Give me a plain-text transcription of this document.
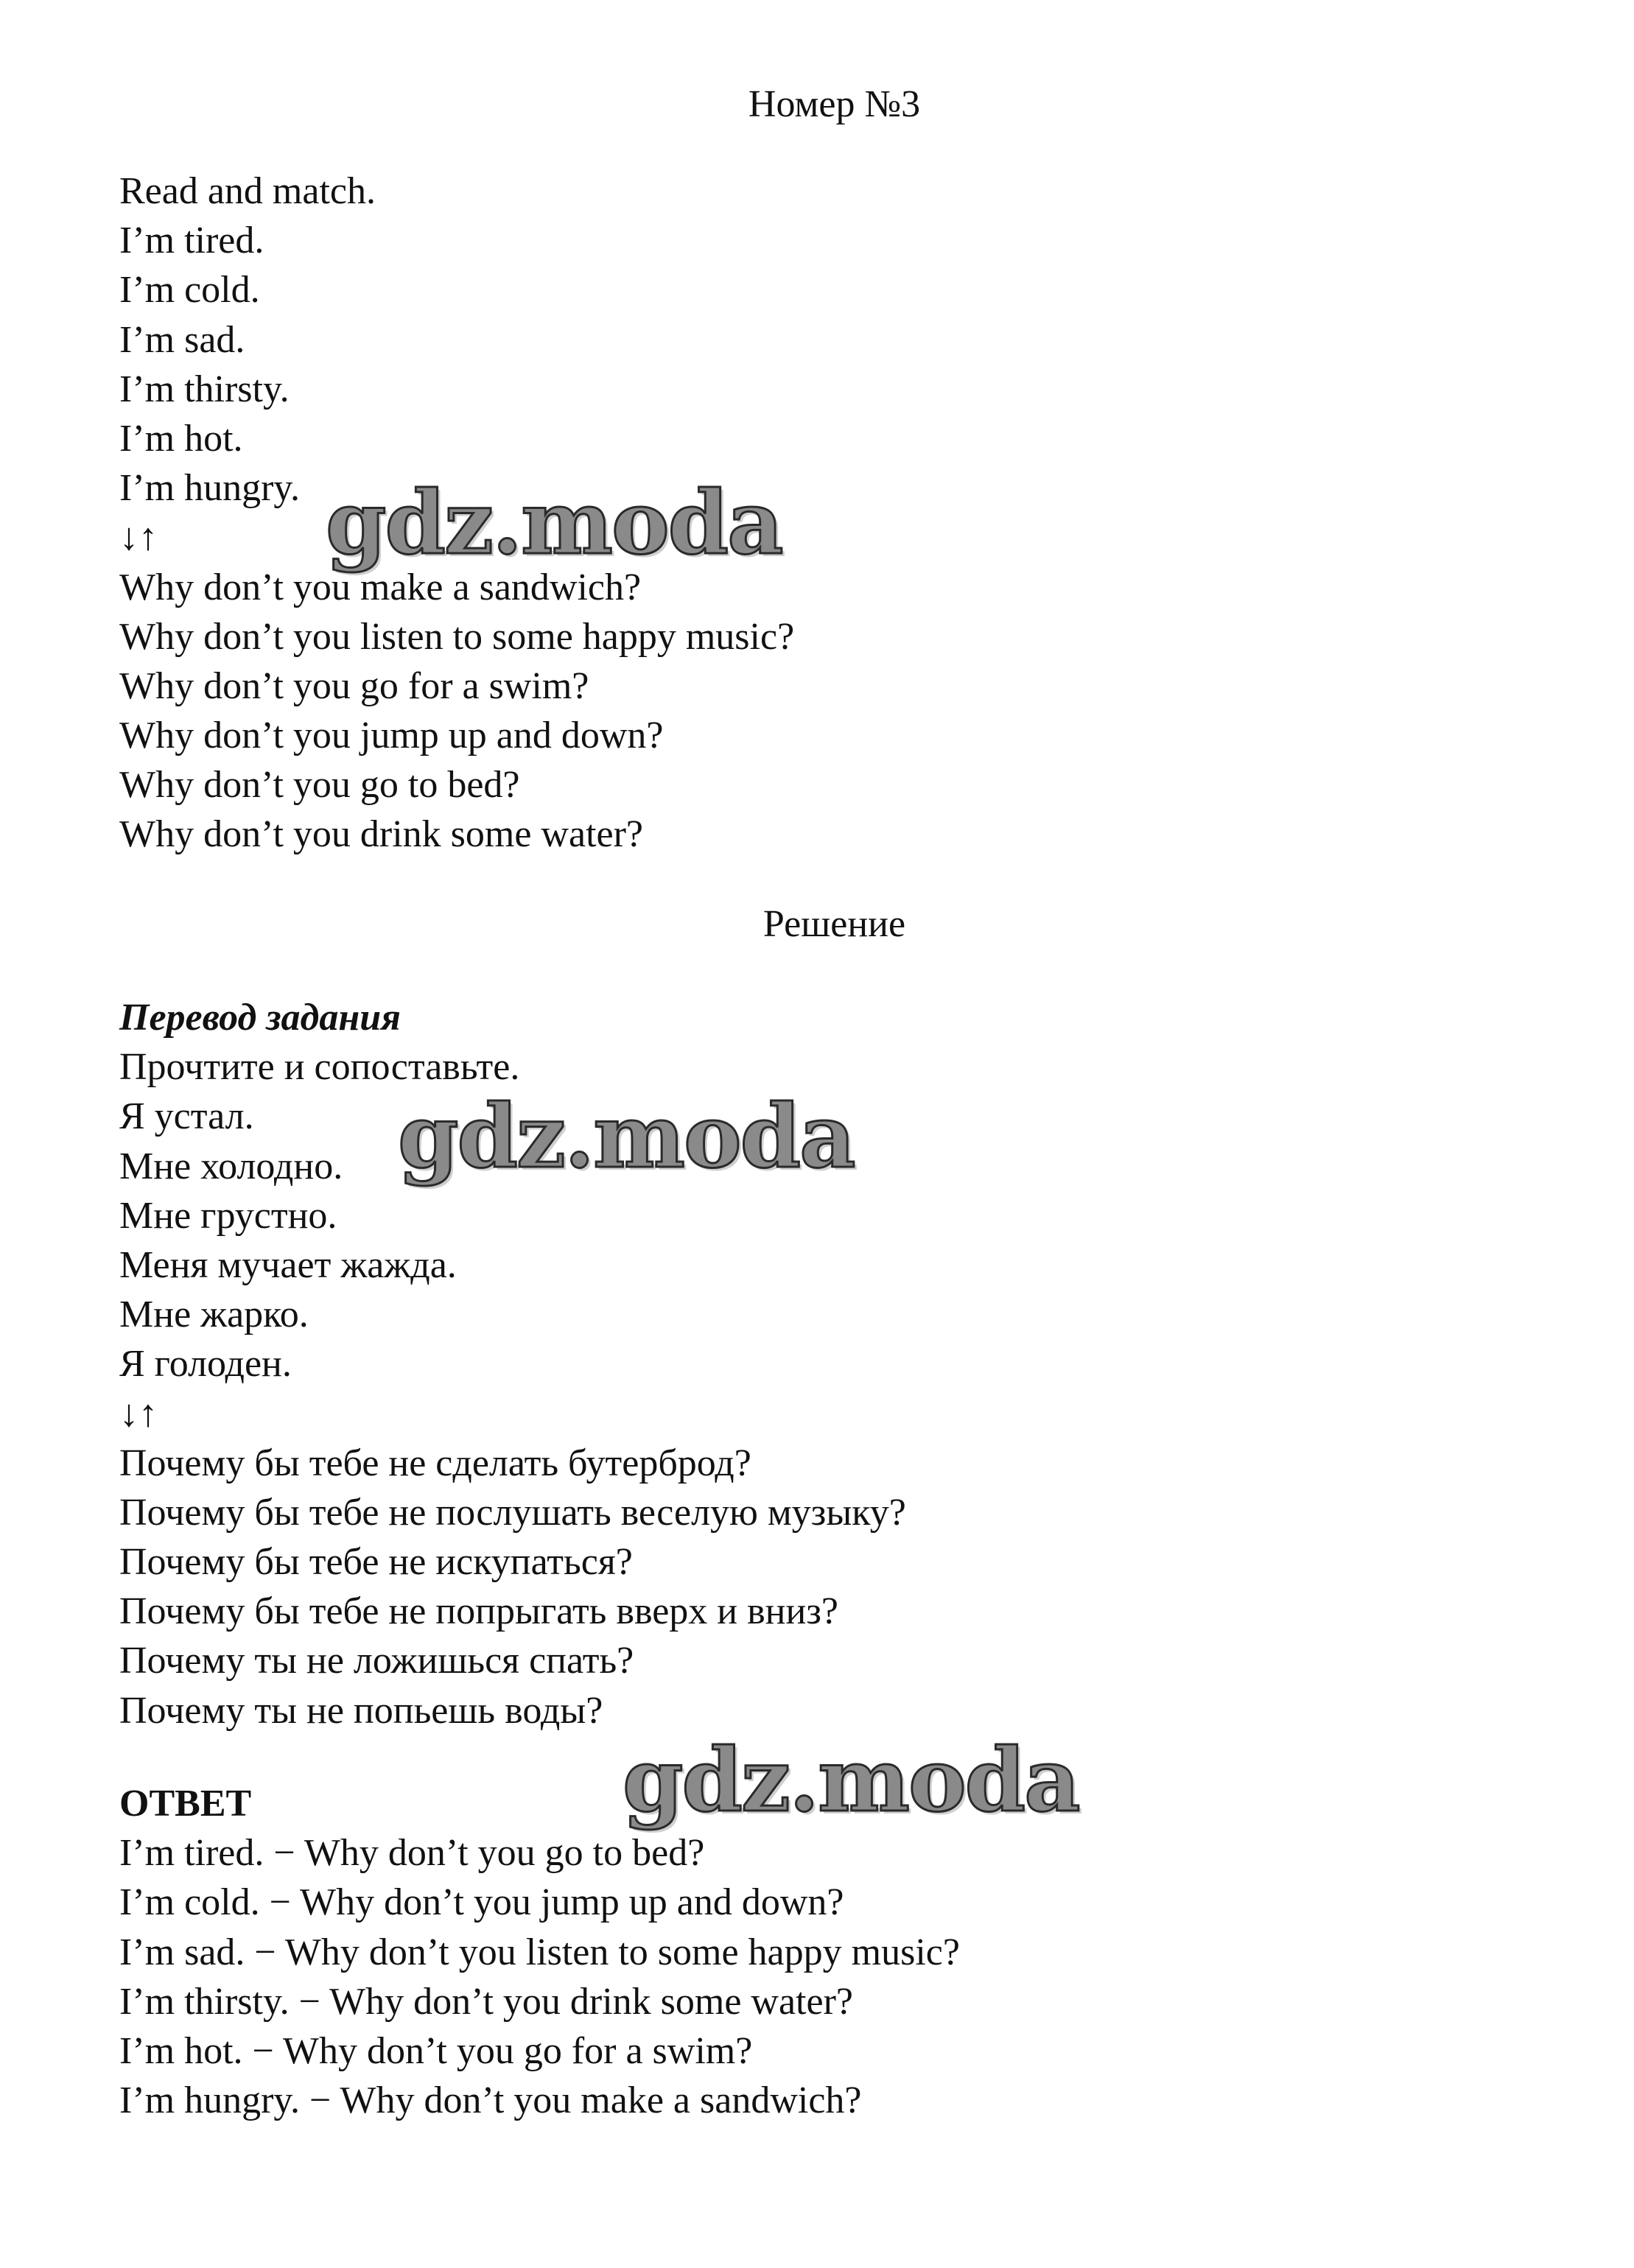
Номер №3
Read and match.
I’m tired.
I’m cold.
I’m sad.
I’m thirsty.
I’m hot.
I’m hungry.
↓↑
Why don’t you make a sandwich?
Why don’t you listen to some happy music?
Why don’t you go for a swim?
Why don’t you jump up and down?
Why don’t you go to bed?
Why don’t you drink some water?
Решение
Перевод задания
Прочтите и сопоставьте.
Я устал.
Мне холодно.
Мне грустно.
Меня мучает жажда.
Мне жарко.
Я голоден.
↓↑
Почему бы тебе не сделать бутерброд?
Почему бы тебе не послушать веселую музыку?
Почему бы тебе не искупаться?
Почему бы тебе не попрыгать вверх и вниз?
Почему ты не ложишься спать?
Почему ты не попьешь воды?
ОТВЕТ
I’m tired. − Why don’t you go to bed?
I’m cold. − Why don’t you jump up and down?
I’m sad. − Why don’t you listen to some happy music?
I’m thirsty. − Why don’t you drink some water?
I’m hot. − Why don’t you go for a swim?
I’m hungry. − Why don’t you make a sandwich?
gdz.moda
gdz.moda
gdz.moda
